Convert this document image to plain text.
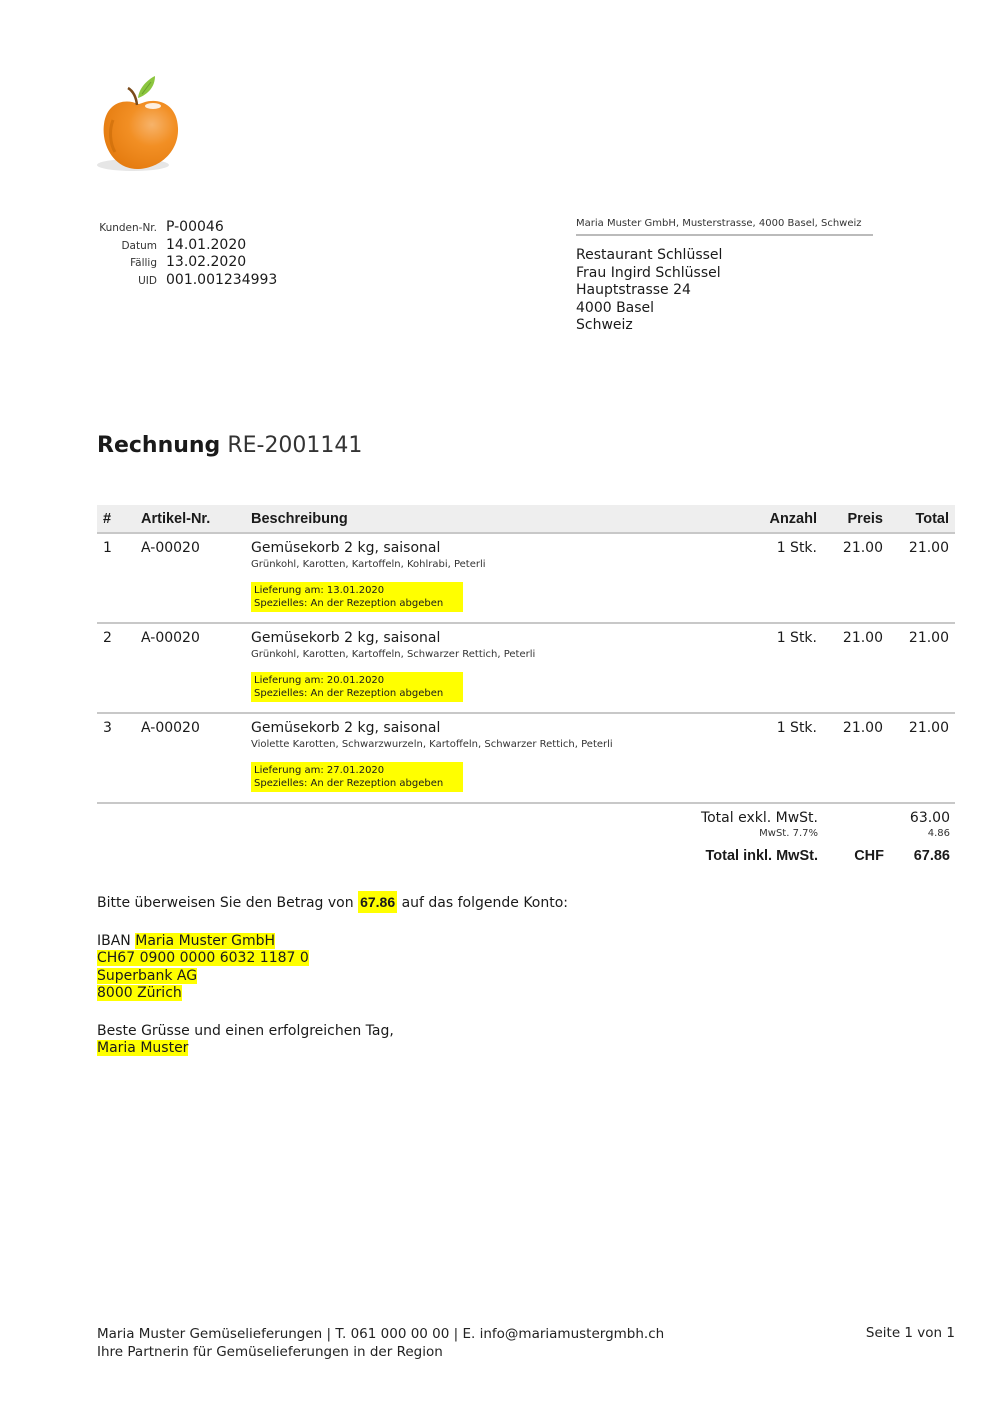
Kunden-Nr. P-00046
Datum 14.01.2020
Fällig 13.02.2020
UID 001.001234993
Maria Muster GmbH, Musterstrasse, 4000 Basel, Schweiz
Restaurant Schlüssel
Frau Ingird Schlüssel
Hauptstrasse 24
4000 Basel
Schweiz
Rechnung RE-2001141
#	Artikel-Nr.	Beschreibung	Anzahl	Preis	Total
1	A-00020	Gemüsekorb 2 kg, saisonal
Grünkohl, Karotten, Kartoffeln, Kohlrabi, Peterli
Lieferung am: 13.01.2020
Spezielles: An der Rezeption abgeben	1 Stk.	21.00	21.00
2	A-00020	Gemüsekorb 2 kg, saisonal
Grünkohl, Karotten, Kartoffeln, Schwarzer Rettich, Peterli
Lieferung am: 20.01.2020
Spezielles: An der Rezeption abgeben	1 Stk.	21.00	21.00
3	A-00020	Gemüsekorb 2 kg, saisonal
Violette Karotten, Schwarzwurzeln, Kartoffeln, Schwarzer Rettich, Peterli
Lieferung am: 27.01.2020
Spezielles: An der Rezeption abgeben	1 Stk.	21.00	21.00
Total exkl. MwSt.	63.00
MwSt. 7.7%	4.86
Total inkl. MwSt.	CHF	67.86
Bitte überweisen Sie den Betrag von 67.86 auf das folgende Konto:
IBAN Maria Muster GmbH
CH67 0900 0000 6032 1187 0
Superbank AG
8000 Zürich
Beste Grüsse und einen erfolgreichen Tag,
Maria Muster
Maria Muster Gemüselieferungen | T. 061 000 00 00 | E. info@mariamustergmbh.ch
Ihre Partnerin für Gemüselieferungen in der Region
Seite 1 von 1
